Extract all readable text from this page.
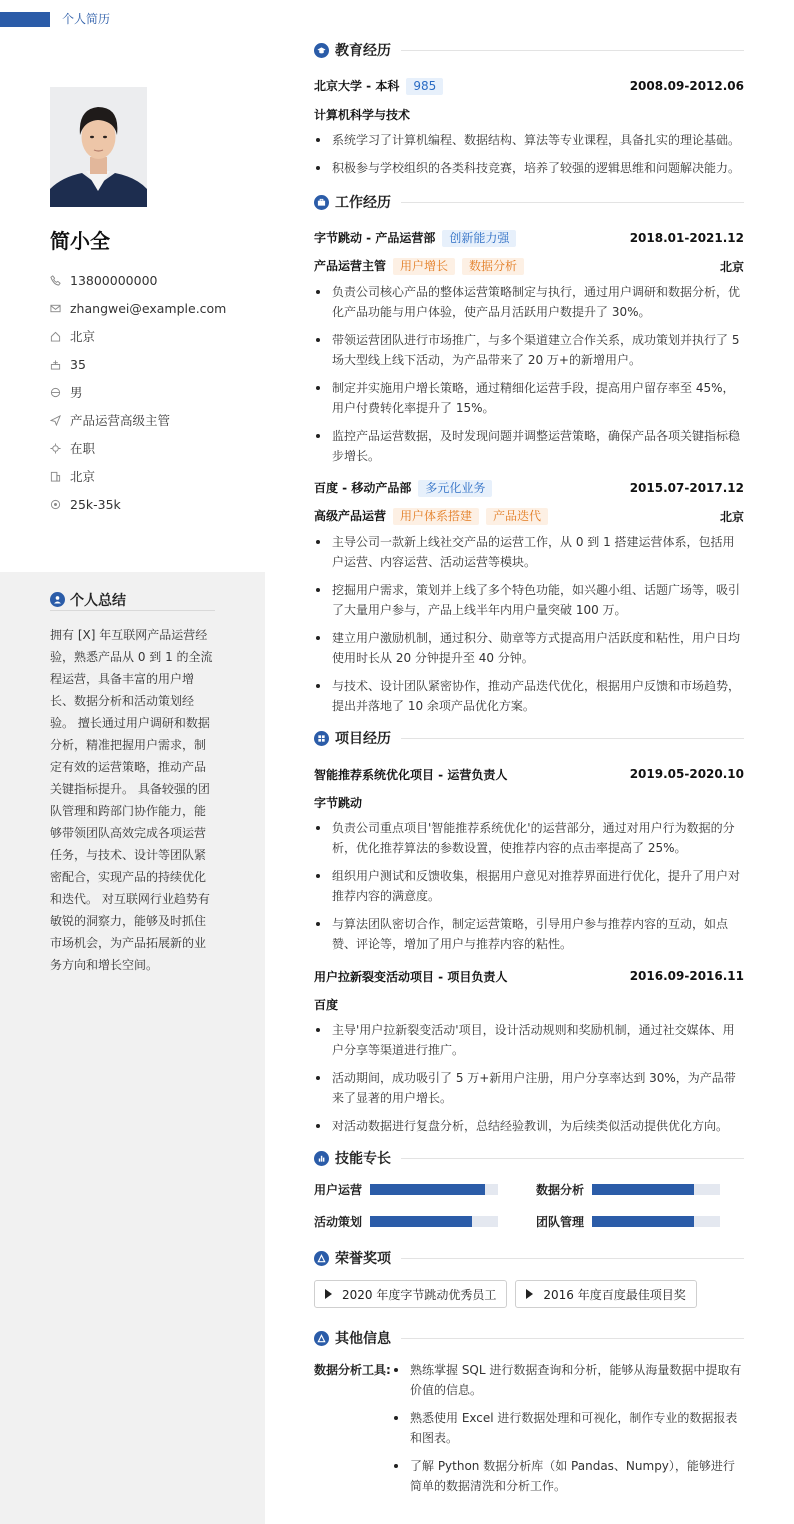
个人简历
简小全
13800000000
zhangwei@example.com
北京
35
男
产品运营高级主管
在职
北京
25k-35k
个人总结
拥有 [X] 年互联网产品运营经验，熟悉产品从 0 到 1 的全流程运营，具备丰富的用户增长、数据分析和活动策划经验。 擅长通过用户调研和数据分析，精准把握用户需求，制定有效的运营策略，推动产品关键指标提升。 具备较强的团队管理和跨部门协作能力，能够带领团队高效完成各项运营任务，与技术、设计等团队紧密配合，实现产品的持续优化和迭代。 对互联网行业趋势有敏锐的洞察力，能够及时抓住市场机会，为产品拓展新的业务方向和增长空间。
教育经历
北京大学 - 本科 985	2008.09-2012.06
计算机科学与技术
系统学习了计算机编程、数据结构、算法等专业课程，具备扎实的理论基础。
积极参与学校组织的各类科技竞赛，培养了较强的逻辑思维和问题解决能力。
工作经历
字节跳动 - 产品运营部 创新能力强	2018.01-2021.12
产品运营主管 用户增长 数据分析	北京
负责公司核心产品的整体运营策略制定与执行，通过用户调研和数据分析，优化产品功能与用户体验，使产品月活跃用户数提升了 30%。
带领运营团队进行市场推广，与多个渠道建立合作关系，成功策划并执行了 5 场大型线上线下活动，为产品带来了 20 万+的新增用户。
制定并实施用户增长策略，通过精细化运营手段，提高用户留存率至 45%，用户付费转化率提升了 15%。
监控产品运营数据，及时发现问题并调整运营策略，确保产品各项关键指标稳步增长。
百度 - 移动产品部 多元化业务	2015.07-2017.12
高级产品运营 用户体系搭建 产品迭代	北京
主导公司一款新上线社交产品的运营工作，从 0 到 1 搭建运营体系，包括用户运营、内容运营、活动运营等模块。
挖掘用户需求，策划并上线了多个特色功能，如兴趣小组、话题广场等，吸引了大量用户参与，产品上线半年内用户量突破 100 万。
建立用户激励机制，通过积分、勋章等方式提高用户活跃度和粘性，用户日均使用时长从 20 分钟提升至 40 分钟。
与技术、设计团队紧密协作，推动产品迭代优化，根据用户反馈和市场趋势，提出并落地了 10 余项产品优化方案。
项目经历
智能推荐系统优化项目 - 运营负责人	2019.05-2020.10
字节跳动
负责公司重点项目'智能推荐系统优化'的运营部分，通过对用户行为数据的分析，优化推荐算法的参数设置，使推荐内容的点击率提高了 25%。
组织用户测试和反馈收集，根据用户意见对推荐界面进行优化，提升了用户对推荐内容的满意度。
与算法团队密切合作，制定运营策略，引导用户参与推荐内容的互动，如点赞、评论等，增加了用户与推荐内容的粘性。
用户拉新裂变活动项目 - 项目负责人	2016.09-2016.11
百度
主导'用户拉新裂变活动'项目，设计活动规则和奖励机制，通过社交媒体、用户分享等渠道进行推广。
活动期间，成功吸引了 5 万+新用户注册，用户分享率达到 30%，为产品带来了显著的用户增长。
对活动数据进行复盘分析，总结经验教训，为后续类似活动提供优化方向。
技能专长
用户运营	数据分析
活动策划	团队管理
荣誉奖项
2020 年度字节跳动优秀员工	2016 年度百度最佳项目奖
其他信息
数据分析工具:	熟练掌握 SQL 进行数据查询和分析，能够从海量数据中提取有价值的信息。
熟悉使用 Excel 进行数据处理和可视化，制作专业的数据报表和图表。
了解 Python 数据分析库（如 Pandas、Numpy），能够进行简单的数据清洗和分析工作。
